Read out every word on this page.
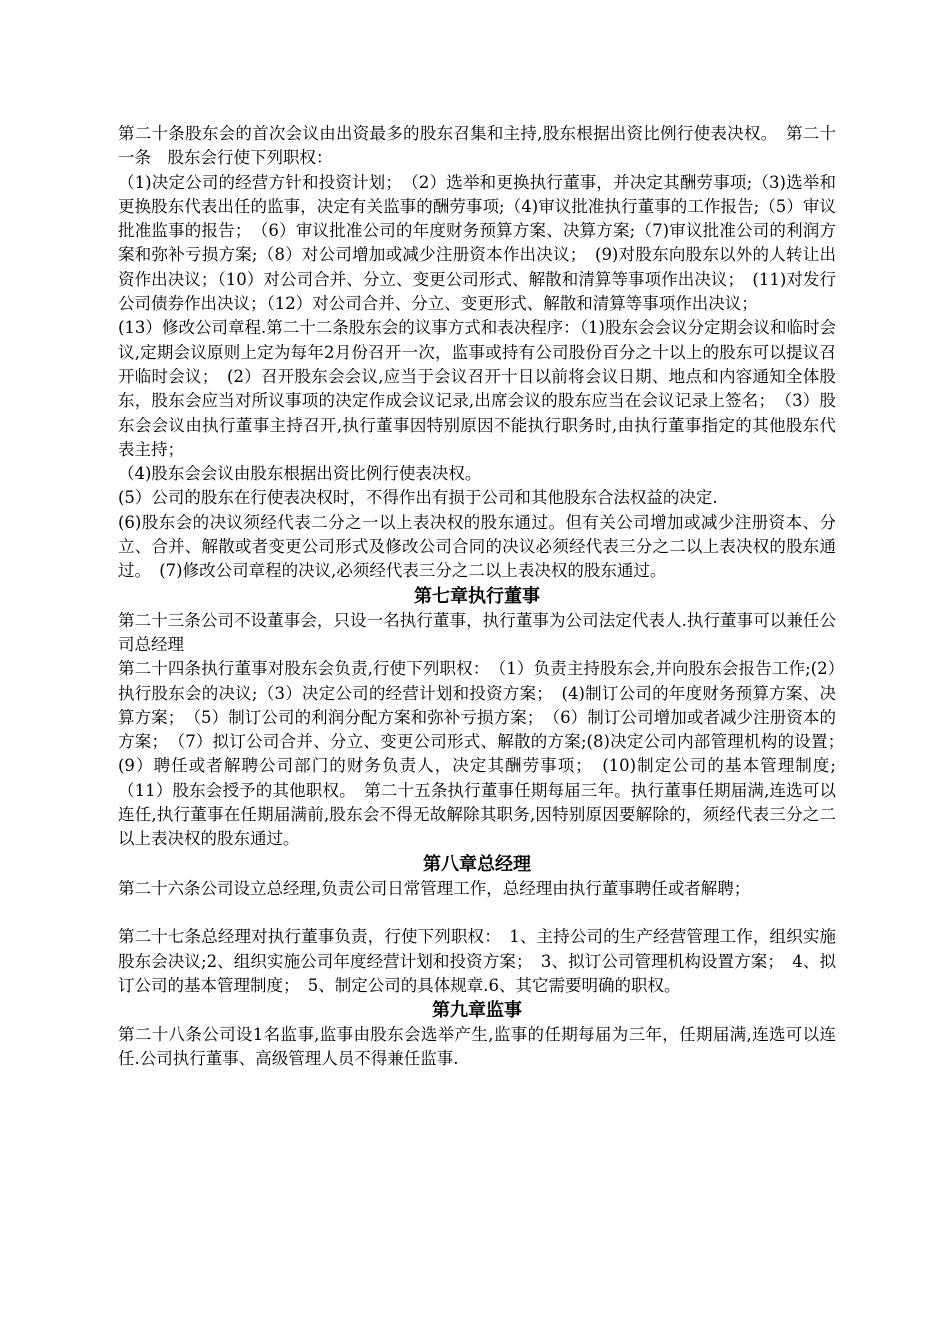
第二十条股东会的首次会议由出资最多的股东召集和主持,股东根据出资比例行使表决权。　第二十一条　股东会行使下列职权：

（1)决定公司的经营方针和投资计划；　（2）选举和更换执行董事，并决定其酬劳事项;（3)选举和更换股东代表出任的监事，决定有关监事的酬劳事项;（4)审议批准执行董事的工作报告;（5）审议批准监事的报告；　（6）审议批准公司的年度财务预算方案、决算方案;（7)审议批准公司的利润方案和弥补亏损方案;（8）对公司增加或减少注册资本作出决议；　(9)对股东向股东以外的人转让出资作出决议；（10）对公司合并、分立、变更公司形式、解散和清算等事项作出决议；　(11)对发行公司债券作出决议；（12）对公司合并、分立、变更形式、解散和清算等事项作出决议；

(13）修改公司章程.第二十二条股东会的议事方式和表决程序：（1)股东会会议分定期会议和临时会议,定期会议原则上定为每年2月份召开一次，监事或持有公司股份百分之十以上的股东可以提议召开临时会议；　(2）召开股东会会议,应当于会议召开十日以前将会议日期、地点和内容通知全体股东，股东会应当对所议事项的决定作成会议记录,出席会议的股东应当在会议记录上签名；　（3）股东会会议由执行董事主持召开,执行董事因特别原因不能执行职务时,由执行董事指定的其他股东代表主持；

（4)股东会会议由股东根据出资比例行使表决权。

(5）公司的股东在行使表决权时，不得作出有损于公司和其他股东合法权益的决定.

(6)股东会的决议须经代表二分之一以上表决权的股东通过。但有关公司增加或减少注册资本、分立、合并、解散或者变更公司形式及修改公司合同的决议必须经代表三分之二以上表决权的股东通过。　(7)修改公司章程的决议,必须经代表三分之二以上表决权的股东通过。

第七章执行董事

第二十三条公司不设董事会，只设一名执行董事，执行董事为公司法定代表人.执行董事可以兼任公司总经理

第二十四条执行董事对股东会负责,行使下列职权：　（1）负责主持股东会,并向股东会报告工作;(2）执行股东会的决议;（3）决定公司的经营计划和投资方案；　(4)制订公司的年度财务预算方案、决算方案；　（5）制订公司的利润分配方案和弥补亏损方案；　（6）制订公司增加或者减少注册资本的方案；　（7）拟订公司合并、分立、变更公司形式、解散的方案;(8)决定公司内部管理机构的设置；　(9）聘任或者解聘公司部门的财务负责人，决定其酬劳事项；　(10)制定公司的基本管理制度;（11）股东会授予的其他职权。　第二十五条执行董事任期每届三年。执行董事任期届满,连选可以连任,执行董事在任期届满前,股东会不得无故解除其职务,因特别原因要解除的，须经代表三分之二以上表决权的股东通过。

第八章总经理

第二十六条公司设立总经理,负责公司日常管理工作，总经理由执行董事聘任或者解聘；

第二十七条总经理对执行董事负责，行使下列职权：　1、主持公司的生产经营管理工作，组织实施股东会决议;2、组织实施公司年度经营计划和投资方案；　3、拟订公司管理机构设置方案；　4、拟订公司的基本管理制度；　5、制定公司的具体规章.6、其它需要明确的职权。

第九章监事

第二十八条公司设1名监事,监事由股东会选举产生,监事的任期每届为三年，任期届满,连选可以连任.公司执行董事、高级管理人员不得兼任监事.
